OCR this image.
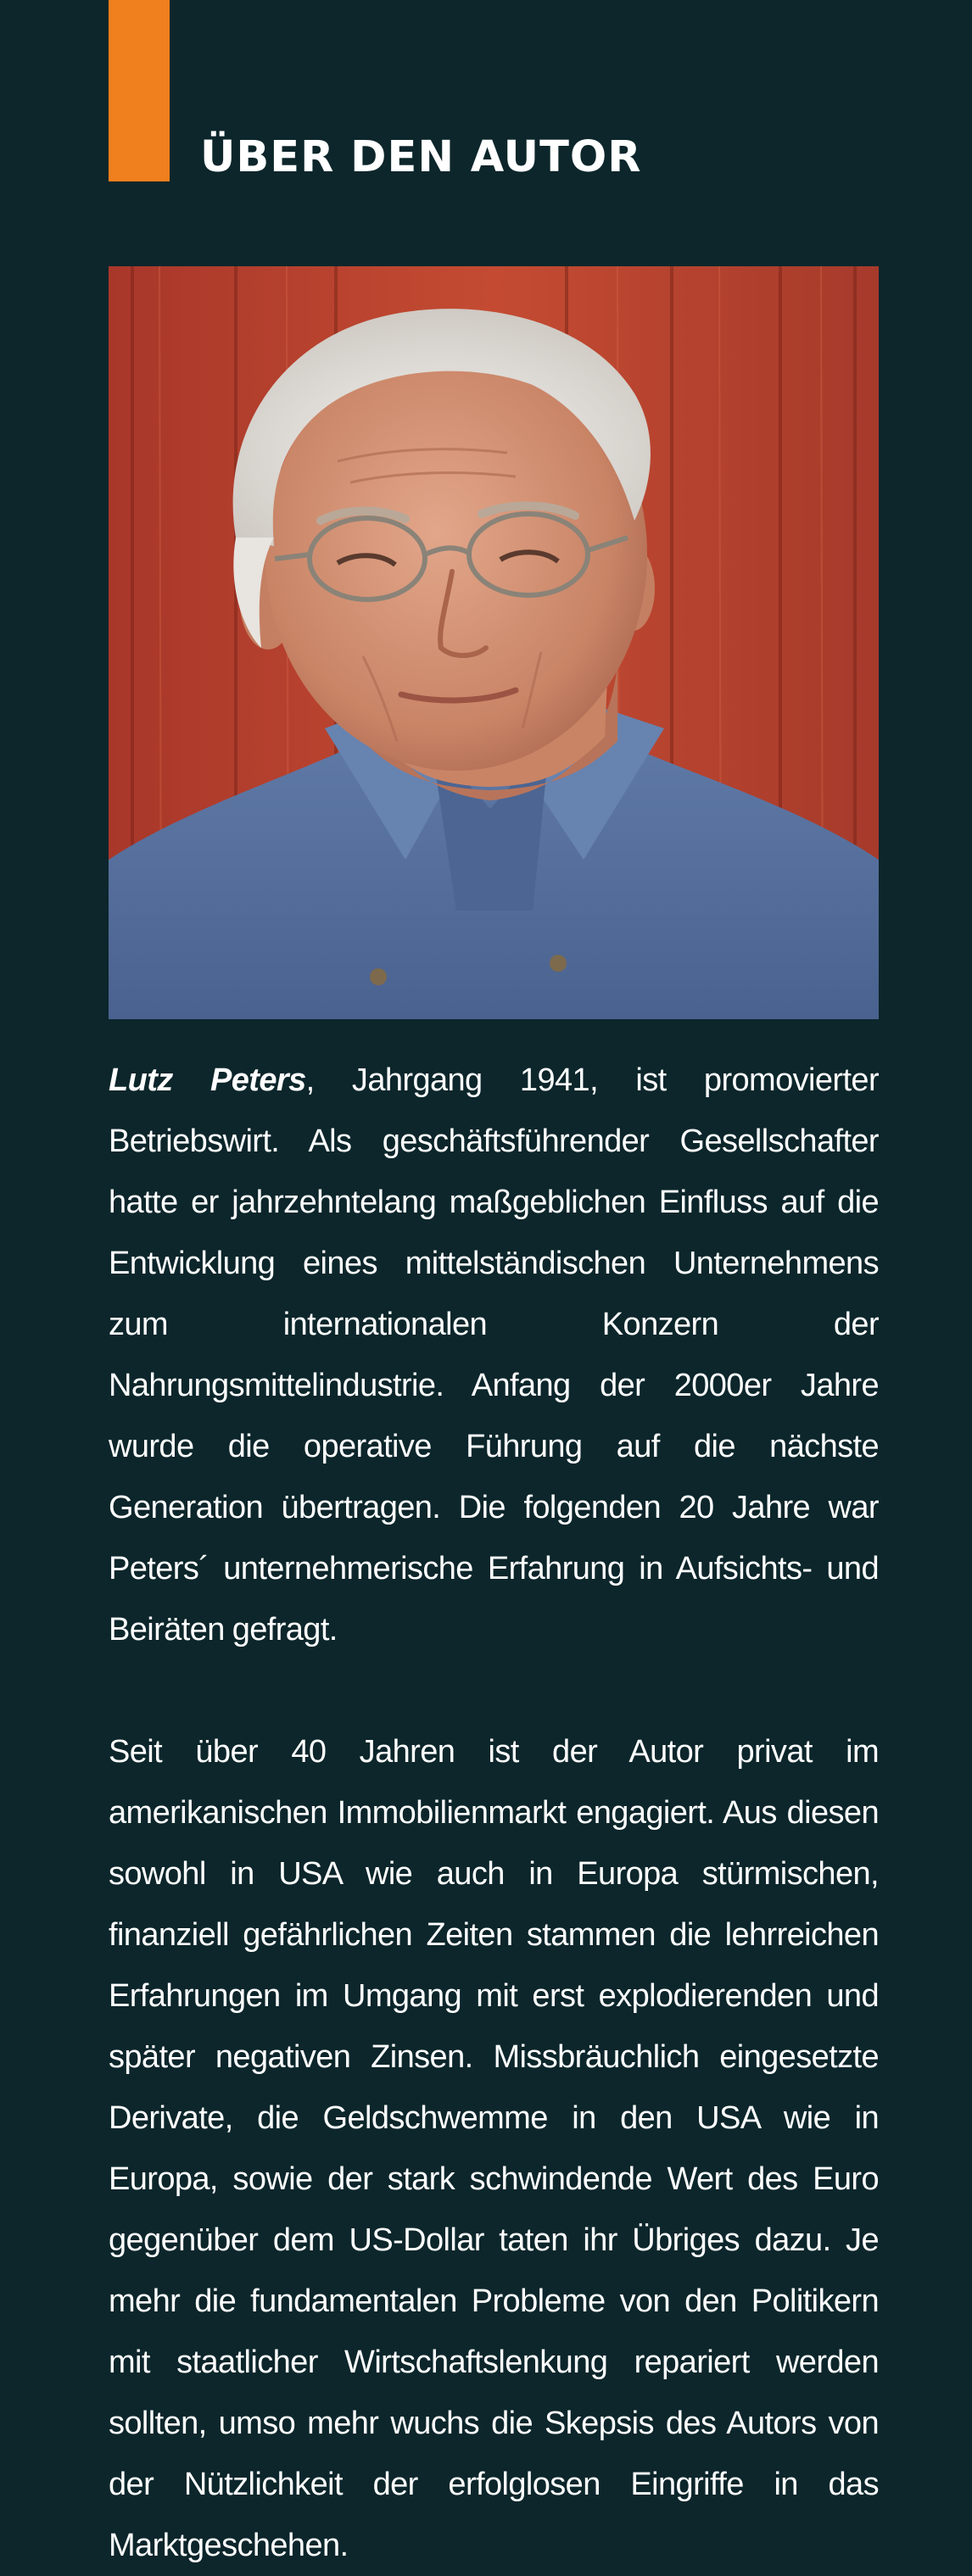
ÜBER DEN AUTOR

Lutz Peters, Jahrgang 1941, ist promovierter Betriebswirt. Als geschäftsführender Gesellschafter hatte er jahrzehntelang maßgeblichen Einfluss auf die Entwicklung eines mittelständischen Unternehmens zum internationalen Konzern der Nahrungsmittelindustrie. Anfang der 2000er Jahre wurde die operative Führung auf die nächste Generation übertragen. Die folgenden 20 Jahre war Peters´ unternehmerische Erfahrung in Aufsichts- und Beiräten gefragt.

Seit über 40 Jahren ist der Autor privat im amerikanischen Immobilienmarkt engagiert. Aus diesen sowohl in USA wie auch in Europa stürmischen, finanziell gefährlichen Zeiten stammen die lehrreichen Erfahrungen im Umgang mit erst explodierenden und später negativen Zinsen. Missbräuchlich eingesetzte Derivate, die Geldschwemme in den USA wie in Europa, sowie der stark schwindende Wert des Euro gegenüber dem US-Dollar taten ihr Übriges dazu. Je mehr die fundamentalen Probleme von den Politikern mit staatlicher Wirtschaftslenkung repariert werden sollten, umso mehr wuchs die Skepsis des Autors von der Nützlichkeit der erfolglosen Eingriffe in das Marktgeschehen.
